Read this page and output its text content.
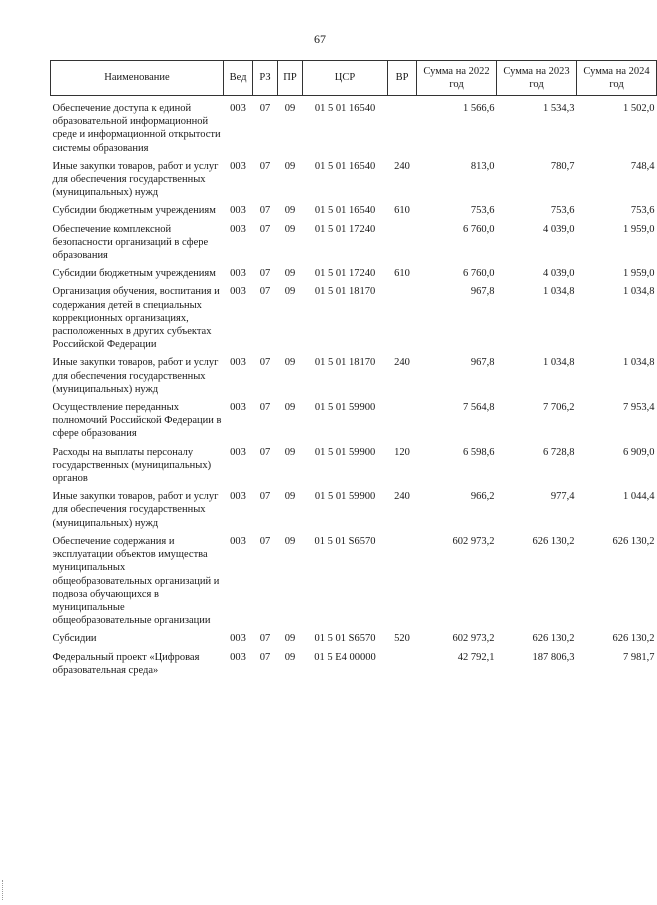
67
Наименование	Вед	РЗ	ПР	ЦСР	ВР	Сумма на 2022 год	Сумма на 2023 год	Сумма на 2024 год
Обеспечение доступа к единой образовательной информационной среде и информационной открытости системы образования	003	07	09	01 5 01 16540		1 566,6	1 534,3	1 502,0
Иные закупки товаров, работ и услуг для обеспечения государственных (муниципальных) нужд	003	07	09	01 5 01 16540	240	813,0	780,7	748,4
Субсидии бюджетным учреждениям	003	07	09	01 5 01 16540	610	753,6	753,6	753,6
Обеспечение комплексной безопасности организаций в сфере образования	003	07	09	01 5 01 17240		6 760,0	4 039,0	1 959,0
Субсидии бюджетным учреждениям	003	07	09	01 5 01 17240	610	6 760,0	4 039,0	1 959,0
Организация обучения, воспитания и содержания детей в специальных коррекционных организациях, расположенных в других субъектах Российской Федерации	003	07	09	01 5 01 18170		967,8	1 034,8	1 034,8
Иные закупки товаров, работ и услуг для обеспечения государственных (муниципальных) нужд	003	07	09	01 5 01 18170	240	967,8	1 034,8	1 034,8
Осуществление переданных полномочий Российской Федерации в сфере образования	003	07	09	01 5 01 59900		7 564,8	7 706,2	7 953,4
Расходы на выплаты персоналу государственных (муниципальных) органов	003	07	09	01 5 01 59900	120	6 598,6	6 728,8	6 909,0
Иные закупки товаров, работ и услуг для обеспечения государственных (муниципальных) нужд	003	07	09	01 5 01 59900	240	966,2	977,4	1 044,4
Обеспечение содержания и эксплуатации объектов имущества муниципальных общеобразовательных организаций и подвоза обучающихся в муниципальные общеобразовательные организации	003	07	09	01 5 01 S6570		602 973,2	626 130,2	626 130,2
Субсидии	003	07	09	01 5 01 S6570	520	602 973,2	626 130,2	626 130,2
Федеральный проект «Цифровая образовательная среда»	003	07	09	01 5 E4 00000		42 792,1	187 806,3	7 981,7
